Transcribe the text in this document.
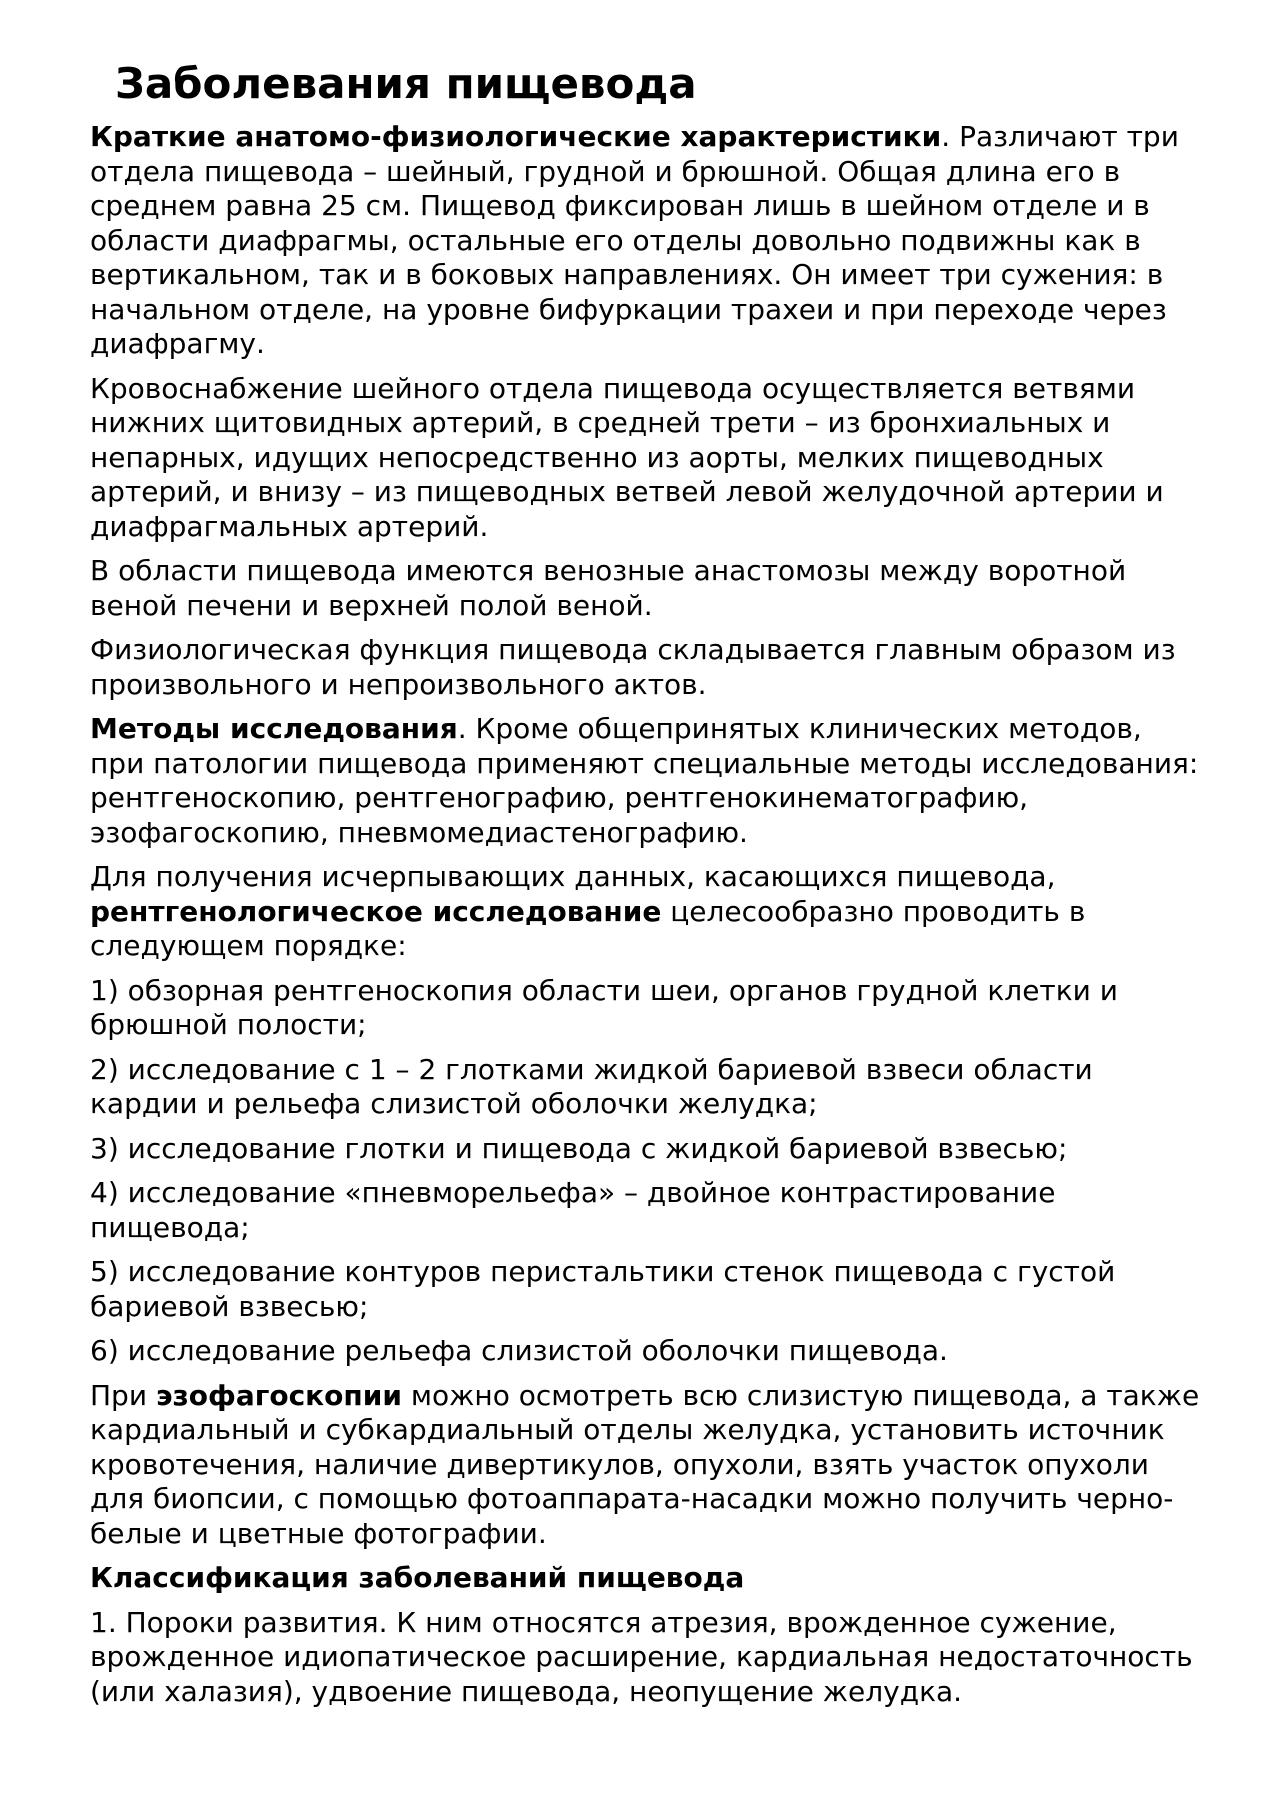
Заболевания пищевода

Краткие анатомо-физиологические характеристики. Различают три отдела пищевода – шейный, грудной и брюшной. Общая длина его в среднем равна 25 см. Пищевод фиксирован лишь в шейном отделе и в области диафрагмы, остальные его отделы довольно подвижны как в вертикальном, так и в боковых направлениях. Он имеет три сужения: в начальном отделе, на уровне бифуркации трахеи и при переходе через диафрагму.

Кровоснабжение шейного отдела пищевода осуществляется ветвями нижних щитовидных артерий, в средней трети – из бронхиальных и непарных, идущих непосредственно из аорты, мелких пищеводных артерий, и внизу – из пищеводных ветвей левой желудочной артерии и диафрагмальных артерий.

В области пищевода имеются венозные анастомозы между воротной веной печени и верхней полой веной.

Физиологическая функция пищевода складывается главным образом из произвольного и непроизвольного актов.

Методы исследования. Кроме общепринятых клинических методов, при патологии пищевода применяют специальные методы исследования: рентгеноскопию, рентгенографию, рентгенокинематографию, эзофагоскопию, пневмомедиастенографию.

Для получения исчерпывающих данных, касающихся пищевода, рентгенологическое исследование целесообразно проводить в следующем порядке:

1) обзорная рентгеноскопия области шеи, органов грудной клетки и брюшной полости;

2) исследование с 1 – 2 глотками жидкой бариевой взвеси области кардии и рельефа слизистой оболочки желудка;

3) исследование глотки и пищевода с жидкой бариевой взвесью;

4) исследование «пневморельефа» – двойное контрастирование пищевода;

5) исследование контуров перистальтики стенок пищевода с густой бариевой взвесью;

6) исследование рельефа слизистой оболочки пищевода.

При эзофагоскопии можно осмотреть всю слизистую пищевода, а также кардиальный и субкардиальный отделы желудка, установить источник кровотечения, наличие дивертикулов, опухоли, взять участок опухоли для биопсии, с помощью фотоаппарата-насадки можно получить черно-белые и цветные фотографии.

Классификация заболеваний пищевода

1. Пороки развития. К ним относятся атрезия, врожденное сужение, врожденное идиопатическое расширение, кардиальная недостаточность (или халазия), удвоение пищевода, неопущение желудка.
